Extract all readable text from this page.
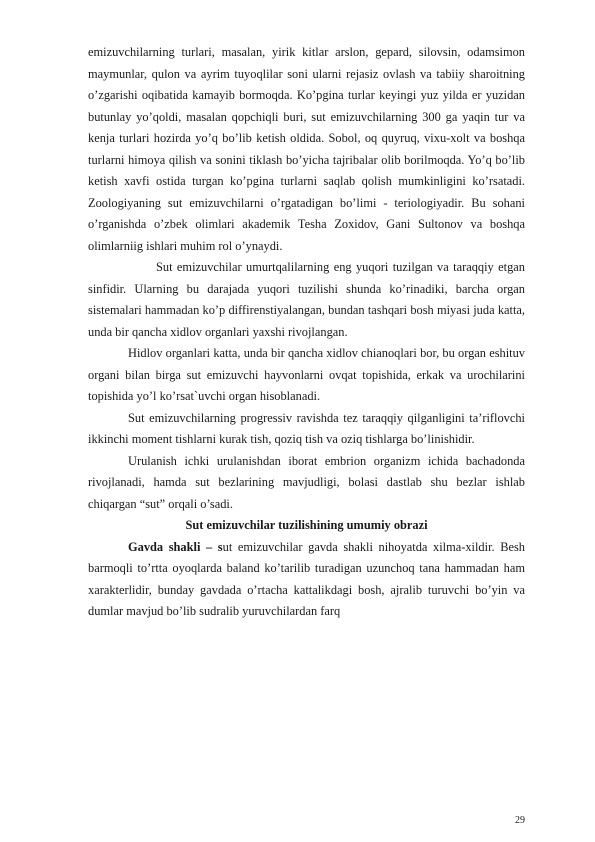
emizuvchilarning turlari, masalan, yirik kitlar arslon, gepard, silovsin, odamsimon maymunlar, qulon va ayrim tuyoqlilar soni ularni rejasiz ovlash va tabiiy sharoitning o’zgarishi oqibatida kamayib bormoqda. Ko’pgina turlar keyingi yuz yilda er yuzidan butunlay yo’qoldi, masalan qopchiqli buri, sut emizuvchilarning 300 ga yaqin tur va kenja turlari hozirda yo’q bo’lib ketish oldida. Sobol, oq quyruq, vixu-xolt va boshqa turlarni himoya qilish va sonini tiklash bo’yicha tajribalar olib borilmoqda. Yo’q bo’lib ketish xavfi ostida turgan ko’pgina turlarni saqlab qolish mumkinligini ko’rsatadi. Zoologiyaning sut emizuvchilarni o’rgatadigan bo’limi - teriologiyadir. Bu sohani o’rganishda o’zbek olimlari akademik Tesha Zoxidov, Gani Sultonov va boshqa olimlarniig ishlari muhim rol o’ynaydi.

Sut emizuvchilar umurtqalilarning eng yuqori tuzilgan va taraqqiy etgan sinfidir. Ularning bu darajada yuqori tuzilishi shunda ko’rinadiki, barcha organ sistemalari hammadan ko’p diffirenstiyalangan, bundan tashqari bosh miyasi juda katta, unda bir qancha xidlov organlari yaxshi rivojlangan.

Hidlov organlari katta, unda bir qancha xidlov chianoqlari bor, bu organ eshituv organi bilan birga sut emizuvchi hayvonlarni ovqat topishida, erkak va urochilarini topishida yo’l ko’rsat`uvchi organ hisoblanadi.

Sut emizuvchilarning progressiv ravishda tez taraqqiy qilganligini ta’riflovchi ikkinchi moment tishlarni kurak tish, qoziq tish va oziq tishlarga bo’linishidir.

Urulanish ichki urulanishdan iborat embrion organizm ichida bachadonda rivojlanadi, hamda sut bezlarining mavjudligi, bolasi dastlab shu bezlar ishlab chiqargan “sut” orqali o’sadi.

Sut emizuvchilar tuzilishining umumiy obrazi

Gavda shakli – sut emizuvchilar gavda shakli nihoyatda xilma-xildir. Besh barmoqli to’rtta oyoqlarda baland ko’tarilib turadigan uzunchoq tana hammadan ham xarakterlidir, bunday gavdada o’rtacha kattalikdagi bosh, ajralib turuvchi bo’yin va dumlar mavjud bo’lib sudralib yuruvchilardan farq

29
